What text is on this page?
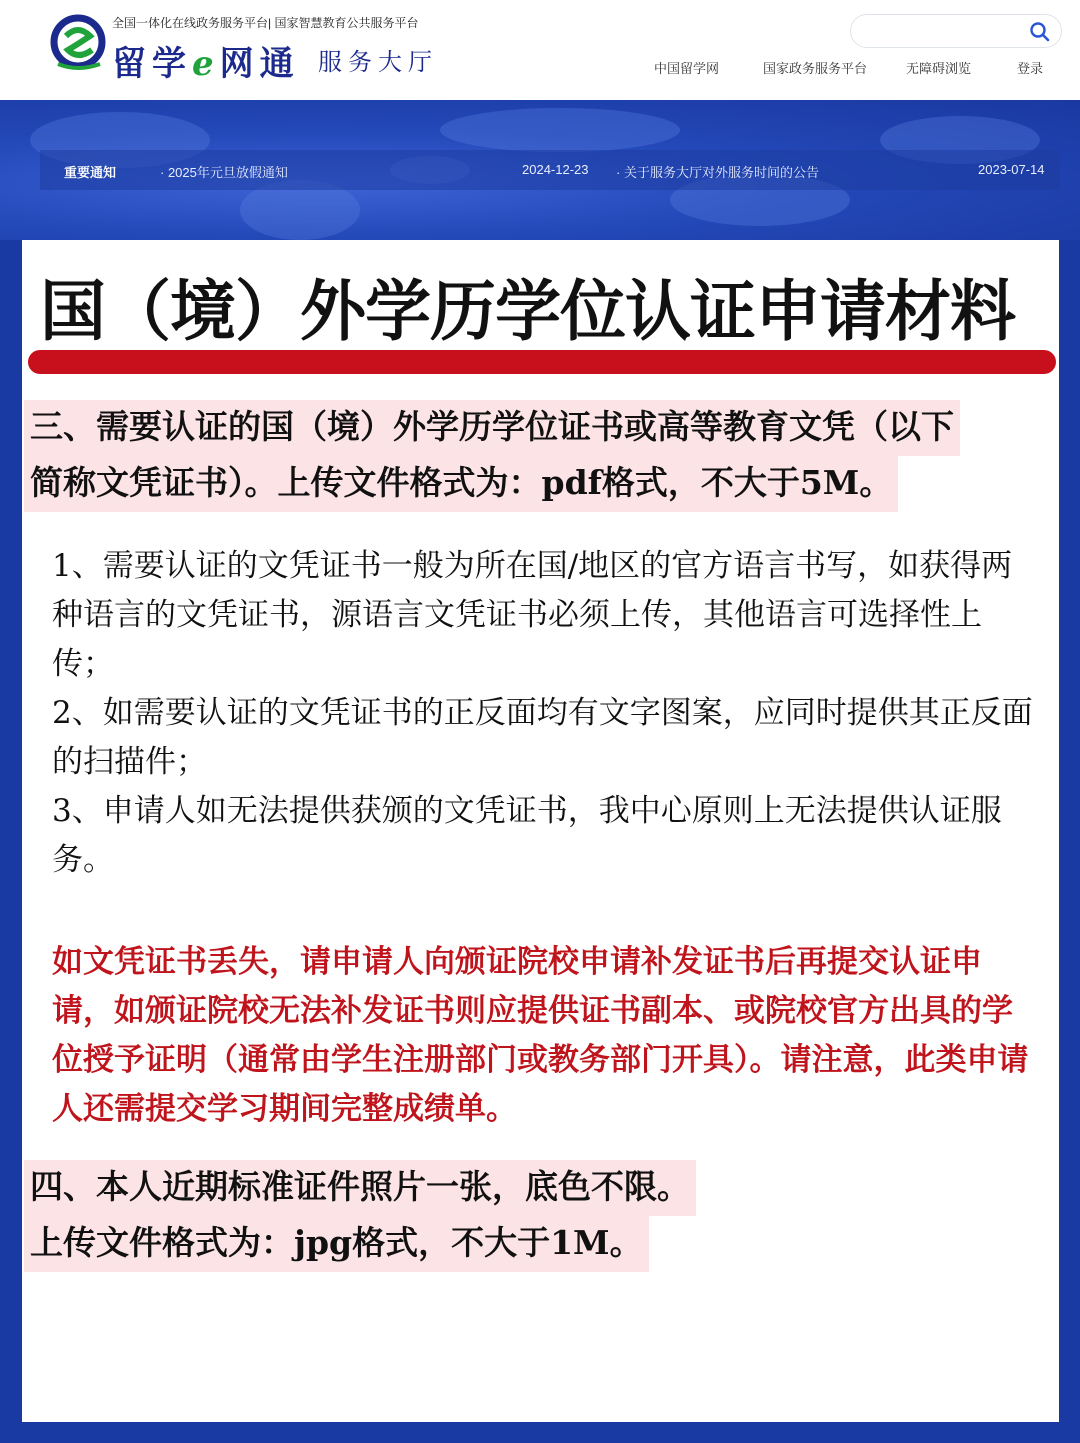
全国一体化在线政务服务平台| 国家智慧教育公共服务平台
留学e网通 服务大厅	中国留学网	国家政务服务平台	无障碍浏览	登录
重要通知	· 2025年元旦放假通知	2024-12-23 · 关于服务大厅对外服务时间的公告	2023-07-14
国（境）外学历学位认证申请材料
三、需要认证的国（境）外学历学位证书或高等教育文凭（以下
简称文凭证书）。上传文件格式为：pdf格式，不大于5M。
1、需要认证的文凭证书一般为所在国/地区的官方语言书写，如获得两种语言的文凭证书，源语言文凭证书必须上传，其他语言可选择性上传；
2、如需要认证的文凭证书的正反面均有文字图案，应同时提供其正反面的扫描件；
3、申请人如无法提供获颁的文凭证书，我中心原则上无法提供认证服务。
如文凭证书丢失，请申请人向颁证院校申请补发证书后再提交认证申请，如颁证院校无法补发证书则应提供证书副本、或院校官方出具的学位授予证明（通常由学生注册部门或教务部门开具）。请注意，此类申请人还需提交学习期间完整成绩单。
四、本人近期标准证件照片一张，底色不限。
上传文件格式为：jpg格式，不大于1M。
